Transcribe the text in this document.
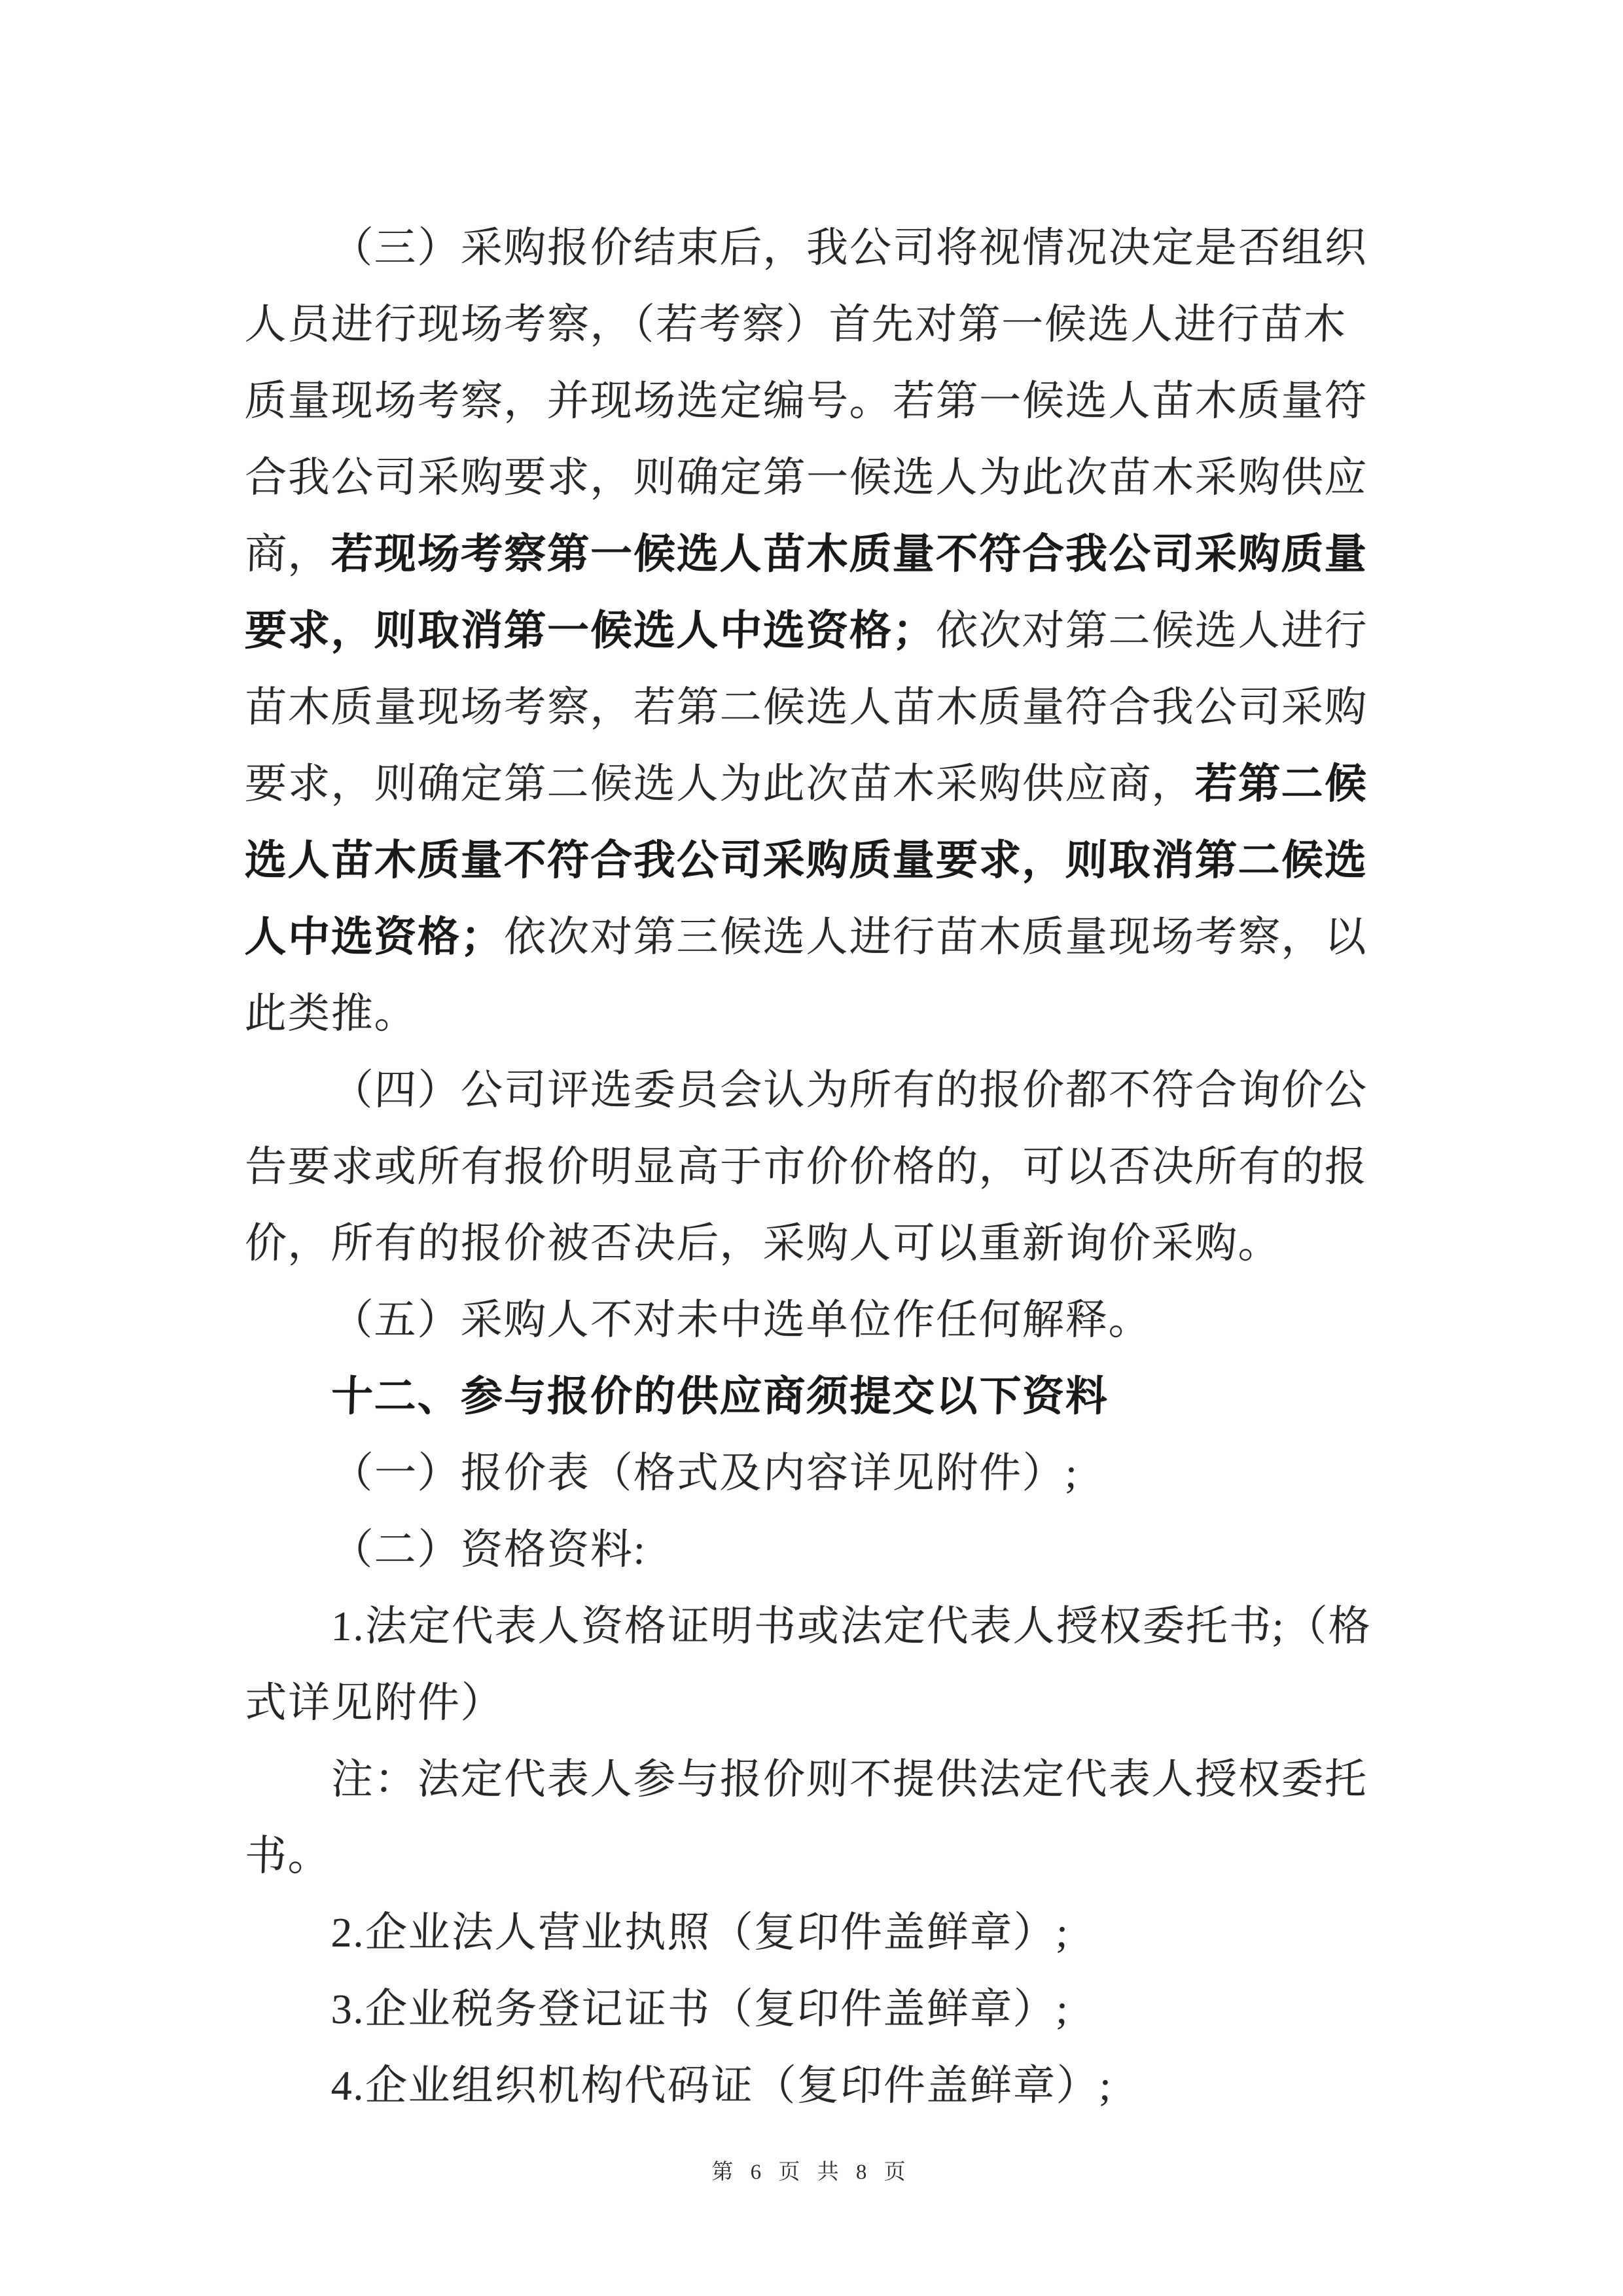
（三）采购报价结束后，我公司将视情况决定是否组织
人员进行现场考察，（若考察）首先对第一候选人进行苗木
质量现场考察，并现场选定编号。若第一候选人苗木质量符
合我公司采购要求，则确定第一候选人为此次苗木采购供应
商，若现场考察第一候选人苗木质量不符合我公司采购质量
要求，则取消第一候选人中选资格；依次对第二候选人进行
苗木质量现场考察，若第二候选人苗木质量符合我公司采购
要求，则确定第二候选人为此次苗木采购供应商，若第二候
选人苗木质量不符合我公司采购质量要求，则取消第二候选
人中选资格；依次对第三候选人进行苗木质量现场考察，以
此类推。
（四）公司评选委员会认为所有的报价都不符合询价公
告要求或所有报价明显高于市价价格的，可以否决所有的报
价，所有的报价被否决后，采购人可以重新询价采购。
（五）采购人不对未中选单位作任何解释。
十二、参与报价的供应商须提交以下资料
（一）报价表（格式及内容详见附件）;
（二）资格资料:
1.法定代表人资格证明书或法定代表人授权委托书;（格
式详见附件）
注：法定代表人参与报价则不提供法定代表人授权委托
书。
2.企业法人营业执照（复印件盖鲜章）;
3.企业税务登记证书（复印件盖鲜章）;
4.企业组织机构代码证（复印件盖鲜章）;
第 6 页 共 8 页
